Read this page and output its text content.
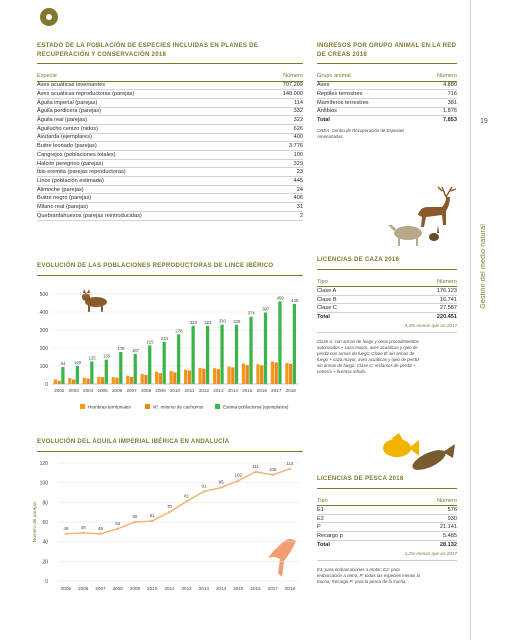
19
Gestión del medio natural
ESTADO DE LA POBLACIÓN DE ESPECIES INCLUIDAS EN PLANES DE
RECUPERACIÓN Y CONSERVACIÓN 2018
Especie	Número
Aves acuáticas invernantes	707.209
Aves acuáticas reproductoras (parejas)	148.000
Águila imperial (parejas)	114
Águila perdicera (parejas)	332
Águila real (parejas)	322
Aguilucho cenizo (nidos)	626
Avutarda (ejemplares)	400
Buitre leonado (parejas)	3.776
Cangrejos (poblaciones totales)	100
Halcón peregrino (parejas)	329
Ibis eremita (parejas reproductoras)	23
Lince (población estimada)	445
Alimoche (parejas)	24
Buitre negro (parejas)	406
Milano real (parejas)	31
Quebrantahuesos (parejas reintroducidas)	2
INGRESOS POR GRUPO ANIMAL EN LA RED
DE CREAS 2018
Grupo animal	Número
Aves	4.880
Reptiles terrestres	716
Mamíferos terrestres	381
Anfibios	1.876
Total	7.853
CREA: Centro de Recuperación de Especies
Amenazadas.
LICENCIAS DE CAZA 2018
Tipo	Número
Clase A	176.123
Clase B	16.741
Clase C	27.587
Total	220.451
4,3% menos que en 2017
Clase A: con armas de fuego y otros procedimientos
autorizados + caza mayor, aves acuáticas y ojeo de
perdiz con armas de fuego; Clase B: sin armas de
fuego + caza mayor, aves acuáticas y ojeo de perdiz
sin armas de fuego; Clase C: reclamos de perdiz +
cetrería + licencia rehala.
LICENCIAS DE PESCA 2018
Tipo	Número
E1	576
E2	930
P	21.141
Recargo p	5.485
Total	28.132
1,2% menos que en 2017
E1: para embarcaciones a motor; E2: para
embarcación a remo; P: todas las especies menos la
trucha; Recargo P: para la pesca de la trucha.
EVOLUCIÓN DE LAS POBLACIONES REPRODUCTORAS DE LINCE IBÉRICO
0
100
200
300
400
500
94
2002
100
2003
125
2004
135
2005
178
2006
167
2007
215
2008
234
2009
276
2010
323
2011
323
2012
330
2013
329
2014
374
2015
397
2016
459
2017
445
2018
Hembras territoriales	Nº. mínimo de cachorros	Estima poblacional (ejemplares)
EVOLUCIÓN DEL ÁGUILA IMPERIAL IBÉRICA EN ANDALUCÍA
0
20
40
60
80
100
120
Número de parejas	48
2005
49
2006
48
2007
53
2008
60
2009
61
2010
70
2011
81
2012
91
2013
95
2014
102
2015
111
2016
108
2017
114
2018
